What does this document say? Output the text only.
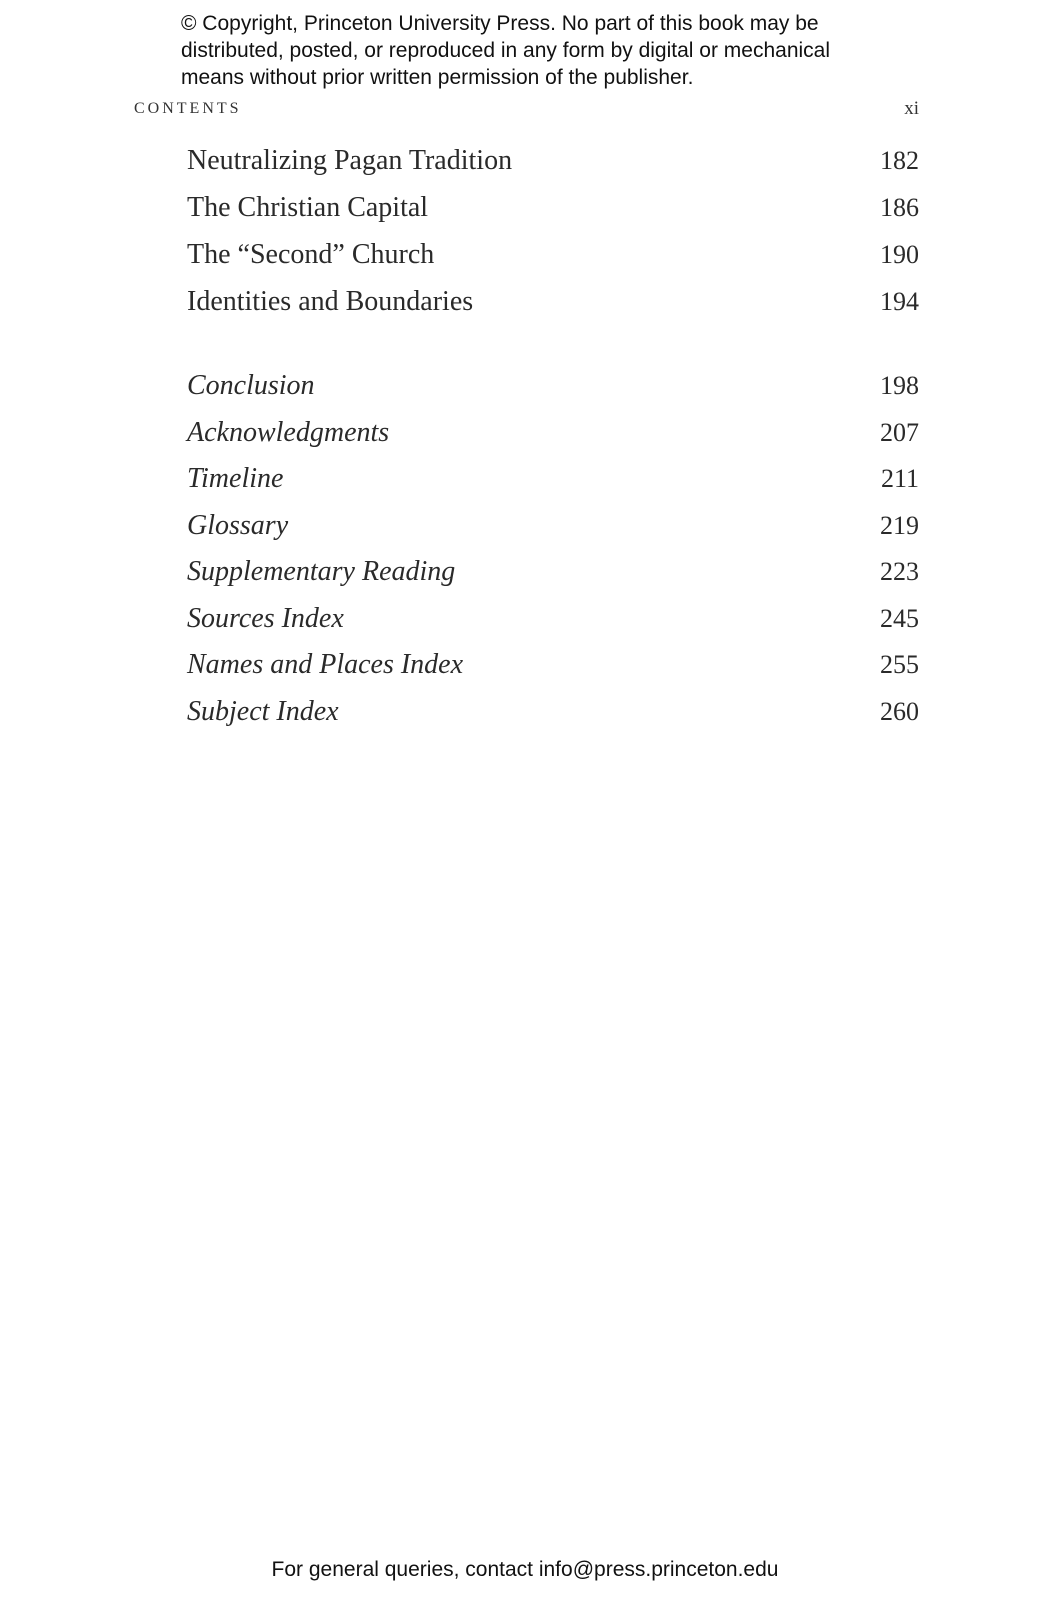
© Copyright, Princeton University Press. No part of this book may be
distributed, posted, or reproduced in any form by digital or mechanical
means without prior written permission of the publisher.
CONTENTS	xi
Neutralizing Pagan Tradition	182
The Christian Capital	186
The “Second” Church	190
Identities and Boundaries	194
Conclusion	198
Acknowledgments	207
Timeline	211
Glossary	219
Supplementary Reading	223
Sources Index	245
Names and Places Index	255
Subject Index	260
For general queries, contact info@press.princeton.edu
